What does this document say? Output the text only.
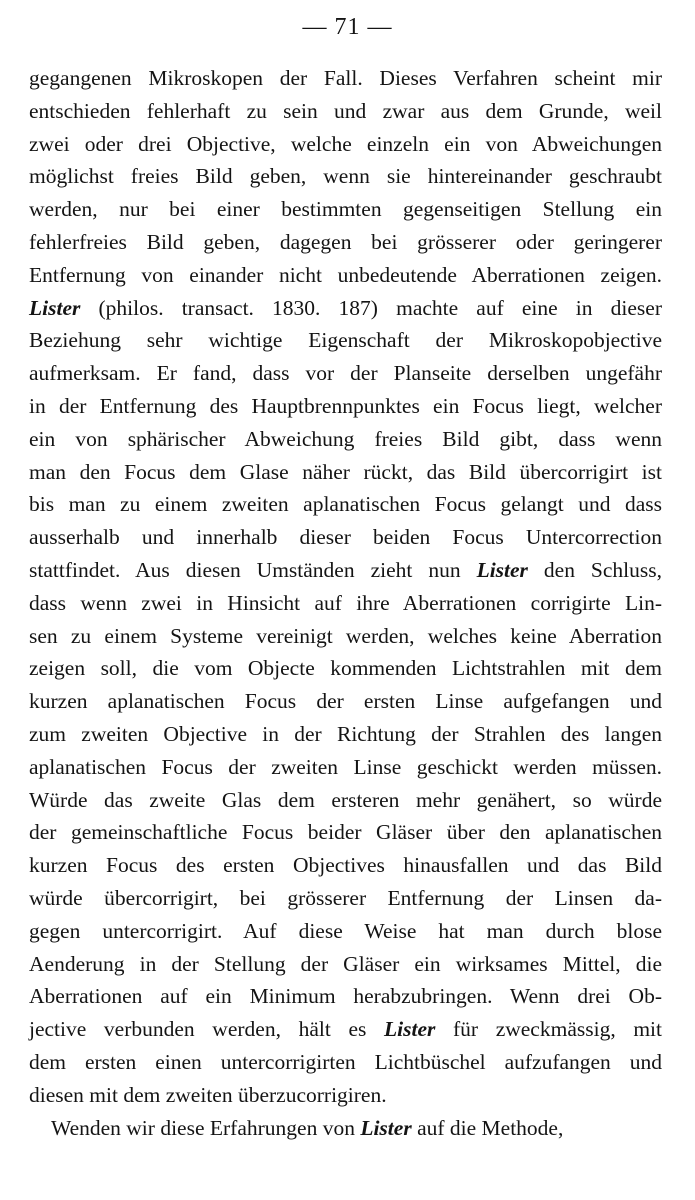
— 71 —
gegangenen Mikroskopen der Fall. Dieses Verfahren scheint mir
entschieden fehlerhaft zu sein und zwar aus dem Grunde, weil
zwei oder drei Objective, welche einzeln ein von Abweichungen
möglichst freies Bild geben, wenn sie hintereinander geschraubt
werden, nur bei einer bestimmten gegenseitigen Stellung ein
fehlerfreies Bild geben, dagegen bei grösserer oder geringerer
Entfernung von einander nicht unbedeutende Aberrationen zeigen.
Lister (philos. transact. 1830. 187) machte auf eine in dieser
Beziehung sehr wichtige Eigenschaft der Mikroskopobjective
aufmerksam. Er fand, dass vor der Planseite derselben ungefähr
in der Entfernung des Hauptbrennpunktes ein Focus liegt, welcher
ein von sphärischer Abweichung freies Bild gibt, dass wenn
man den Focus dem Glase näher rückt, das Bild übercorrigirt ist
bis man zu einem zweiten aplanatischen Focus gelangt und dass
ausserhalb und innerhalb dieser beiden Focus Untercorrection
stattfindet. Aus diesen Umständen zieht nun Lister den Schluss,
dass wenn zwei in Hinsicht auf ihre Aberrationen corrigirte Lin-
sen zu einem Systeme vereinigt werden, welches keine Aberration
zeigen soll, die vom Objecte kommenden Lichtstrahlen mit dem
kurzen aplanatischen Focus der ersten Linse aufgefangen und
zum zweiten Objective in der Richtung der Strahlen des langen
aplanatischen Focus der zweiten Linse geschickt werden müssen.
Würde das zweite Glas dem ersteren mehr genähert, so würde
der gemeinschaftliche Focus beider Gläser über den aplanatischen
kurzen Focus des ersten Objectives hinausfallen und das Bild
würde übercorrigirt, bei grösserer Entfernung der Linsen da-
gegen untercorrigirt. Auf diese Weise hat man durch blose
Aenderung in der Stellung der Gläser ein wirksames Mittel, die
Aberrationen auf ein Minimum herabzubringen. Wenn drei Ob-
jective verbunden werden, hält es Lister für zweckmässig, mit
dem ersten einen untercorrigirten Lichtbüschel aufzufangen und
diesen mit dem zweiten überzucorrigiren.
Wenden wir diese Erfahrungen von Lister auf die Methode,
